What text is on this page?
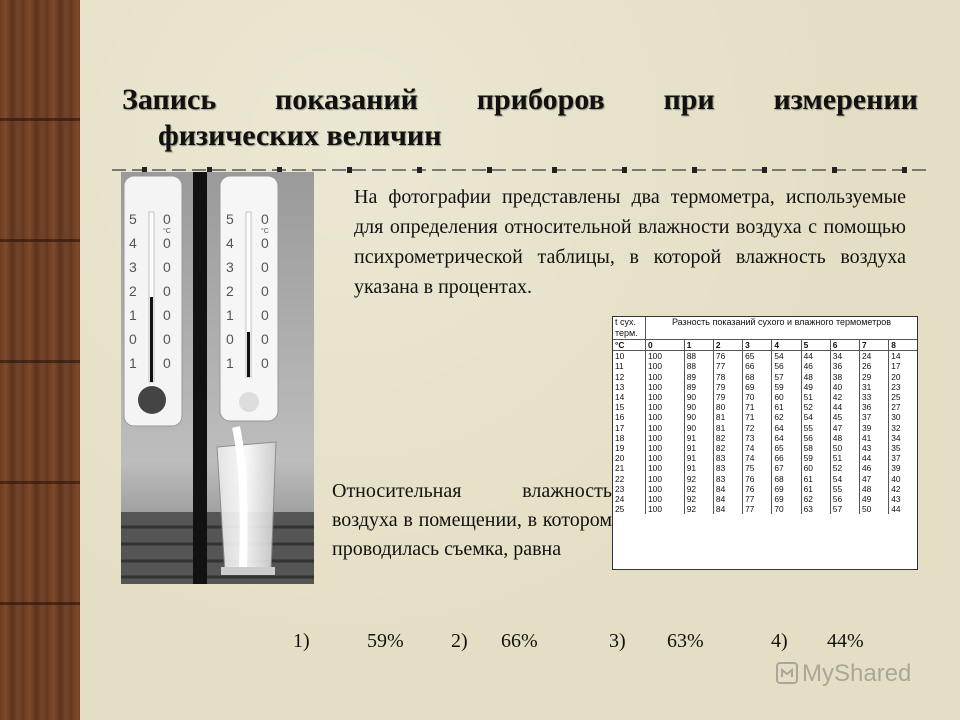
Запись показаний приборов при измерении
физических величин
5
4
3
2
1
0
1
0
0
0
0
0
0
0
5
4
3
2
1
0
1
0
0
0
0
0
0
0
°C	°C
На фотографии представлены два термометра, используемые для определения относительной влажности воздуха с помощью психрометрической таблицы, в которой влажность воздуха указана в процентах.
Относительная влажность воздуха в помещении, в котором проводилась съемка, равна
t сух. терм.	Разность показаний сухого и влажного термометров								
°С	0	1	2	3	4	5	6	7	8
10	100	88	76	65	54	44	34	24	14
11	100	88	77	66	56	46	36	26	17
12	100	89	78	68	57	48	38	29	20
13	100	89	79	69	59	49	40	31	23
14	100	90	79	70	60	51	42	33	25
15	100	90	80	71	61	52	44	36	27
16	100	90	81	71	62	54	45	37	30
17	100	90	81	72	64	55	47	39	32
18	100	91	82	73	64	56	48	41	34
19	100	91	82	74	65	58	50	43	35
20	100	91	83	74	66	59	51	44	37
21	100	91	83	75	67	60	52	46	39
22	100	92	83	76	68	61	54	47	40
23	100	92	84	76	69	61	55	48	42
24	100	92	84	77	69	62	56	49	43
25	100	92	84	77	70	63	57	50	44
1)	59% 2) 66%	3) 63%	4) 44%
MyShared
